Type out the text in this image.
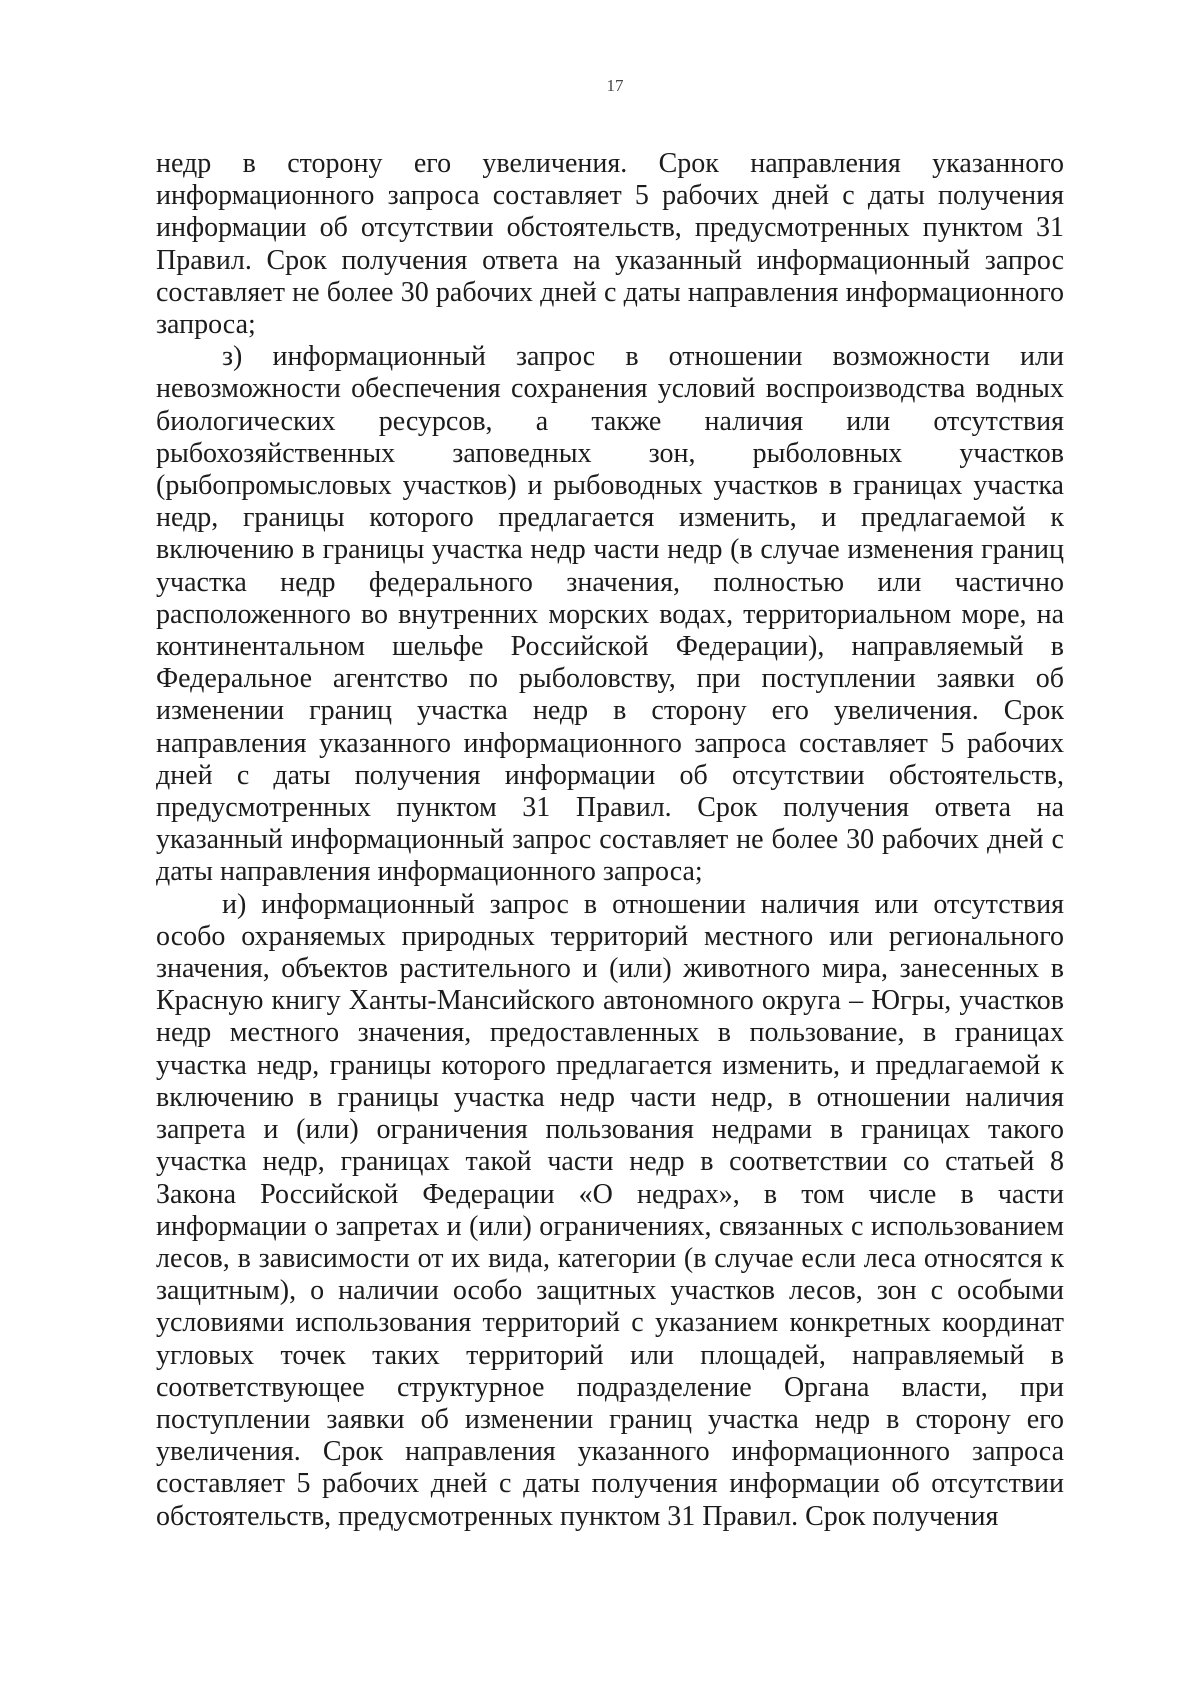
17

недр в сторону его увеличения. Срок направления указанного информационного запроса составляет 5 рабочих дней с даты получения информации об отсутствии обстоятельств, предусмотренных пунктом 31 Правил. Срок получения ответа на указанный информационный запрос составляет не более 30 рабочих дней с даты направления информационного запроса;

з) информационный запрос в отношении возможности или невозможности обеспечения сохранения условий воспроизводства водных биологических ресурсов, а также наличия или отсутствия рыбохозяйственных заповедных зон, рыболовных участков (рыбопромысловых участков) и рыбоводных участков в границах участка недр, границы которого предлагается изменить, и предлагаемой к включению в границы участка недр части недр (в случае изменения границ участка недр федерального значения, полностью или частично расположенного во внутренних морских водах, территориальном море, на континентальном шельфе Российской Федерации), направляемый в Федеральное агентство по рыболовству, при поступлении заявки об изменении границ участка недр в сторону его увеличения. Срок направления указанного информационного запроса составляет 5 рабочих дней с даты получения информации об отсутствии обстоятельств, предусмотренных пунктом 31 Правил. Срок получения ответа на указанный информационный запрос составляет не более 30 рабочих дней с даты направления информационного запроса;

и) информационный запрос в отношении наличия или отсутствия особо охраняемых природных территорий местного или регионального значения, объектов растительного и (или) животного мира, занесенных в Красную книгу Ханты-Мансийского автономного округа – Югры, участков недр местного значения, предоставленных в пользование, в границах участка недр, границы которого предлагается изменить, и предлагаемой к включению в границы участка недр части недр, в отношении наличия запрета и (или) ограничения пользования недрами в границах такого участка недр, границах такой части недр в соответствии со статьей 8 Закона Российской Федерации «О недрах», в том числе в части информации о запретах и (или) ограничениях, связанных с использованием лесов, в зависимости от их вида, категории (в случае если леса относятся к защитным), о наличии особо защитных участков лесов, зон с особыми условиями использования территорий с указанием конкретных координат угловых точек таких территорий или площадей, направляемый в соответствующее структурное подразделение Органа власти, при поступлении заявки об изменении границ участка недр в сторону его увеличения. Срок направления указанного информационного запроса составляет 5 рабочих дней с даты получения информации об отсутствии обстоятельств, предусмотренных пунктом 31 Правил. Срок получения
